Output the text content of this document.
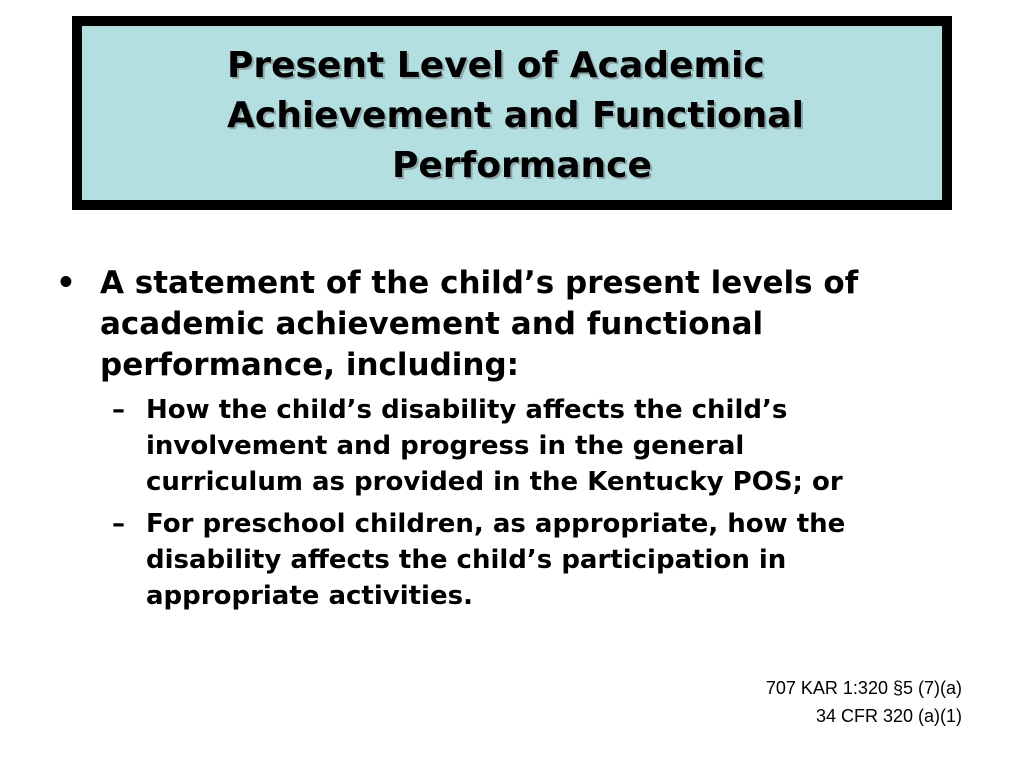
Present Level of Academic
Achievement and Functional
Performance
• A statement of the child’s present levels of
academic achievement and functional
performance, including:
– How the child’s disability affects the child’s
involvement and progress in the general
curriculum as provided in the Kentucky POS; or
– For preschool children, as appropriate, how the
disability affects the child’s participation in
appropriate activities.
707 KAR 1:320 §5 (7)(a)
34 CFR 320 (a)(1)
